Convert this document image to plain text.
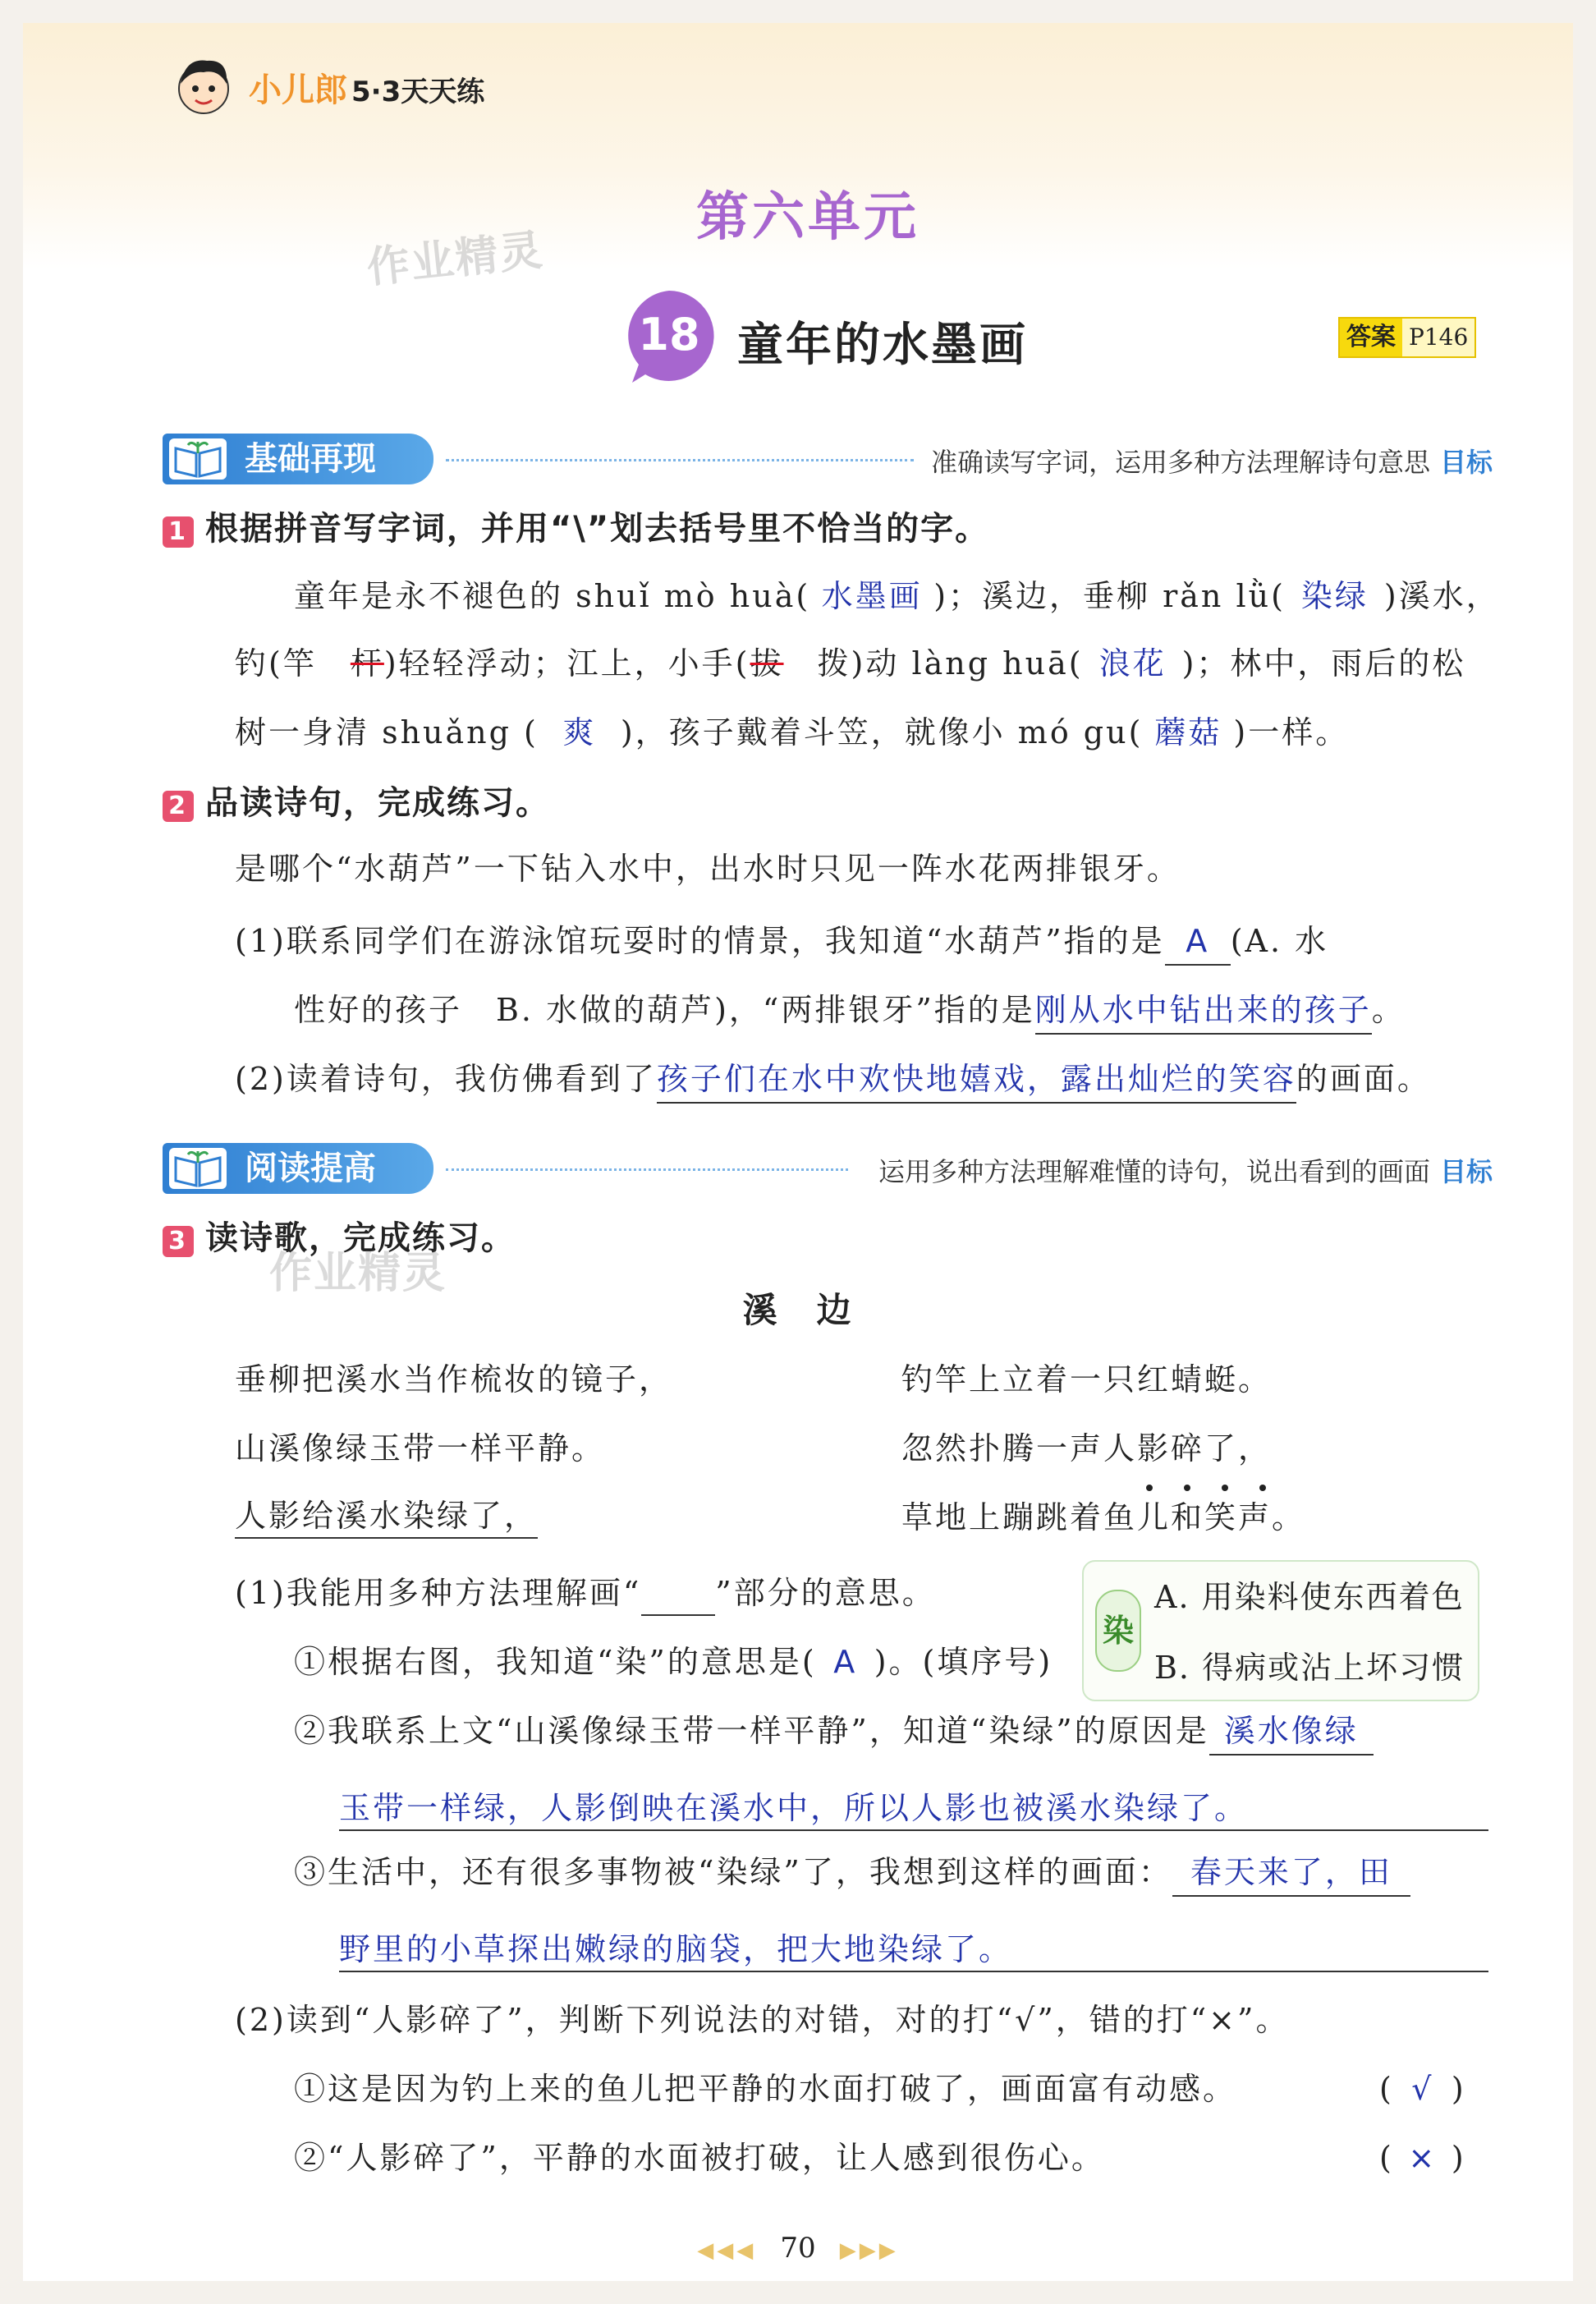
小儿郎 5·3天天练
第六单元
作业精灵
18 童年的水墨画	答案 P146
基础再现	准确读写字词，运用多种方法理解诗句意思 目标
1 根据拼音写字词，并用“\”划去括号里不恰当的字。
童年是永不褪色的 shuǐ mò huà( 水墨画 )；溪边，垂柳 rǎn lǜ( 染绿 )溪水，
钓(竿　 杆)轻轻浮动；江上，小手(拔　 拨)动 làng huā( 浪花 )；林中，雨后的松
树一身清 shuǎng ( 爽 )，孩子戴着斗笠，就像小 mó gu( 蘑菇 )一样。
2 品读诗句，完成练习。
是哪个“水葫芦”一下钻入水中，出水时只见一阵水花两排银牙。
(1)联系同学们在游泳馆玩耍时的情景，我知道“水葫芦”指的是 A (A. 水
性好的孩子　B. 水做的葫芦)，“两排银牙”指的是刚从水中钻出来的孩子。
(2)读着诗句，我仿佛看到了孩子们在水中欢快地嬉戏，露出灿烂的笑容的画面。
阅读提高	运用多种方法理解难懂的诗句，说出看到的画面 目标
3 读诗歌，完成练习。
作业精灵
溪　边
垂柳把溪水当作梳妆的镜子，
山溪像绿玉带一样平静。
人影给溪水染绿了，
钓竿上立着一只红蜻蜓。
忽然扑腾一声人影碎了，
草地上蹦跳着鱼儿和笑声。
(1)我能用多种方法理解画“ ”部分的意思。
染
A. 用染料使东西着色
B. 得病或沾上坏习惯
①根据右图，我知道“染”的意思是( A )。(填序号)
②我联系上文“山溪像绿玉带一样平静”，知道“染绿”的原因是 溪水像绿
玉带一样绿，人影倒映在溪水中，所以人影也被溪水染绿了。
③生活中，还有很多事物被“染绿”了，我想到这样的画面： 春天来了，田
野里的小草探出嫩绿的脑袋，把大地染绿了。
(2)读到“人影碎了”，判断下列说法的对错，对的打“√”，错的打“×”。
①这是因为钓上来的鱼儿把平静的水面打破了，画面富有动感。	( √ )
②“人影碎了”，平静的水面被打破，让人感到很伤心。	( × )
◀◀◀ 70 ▶▶▶
